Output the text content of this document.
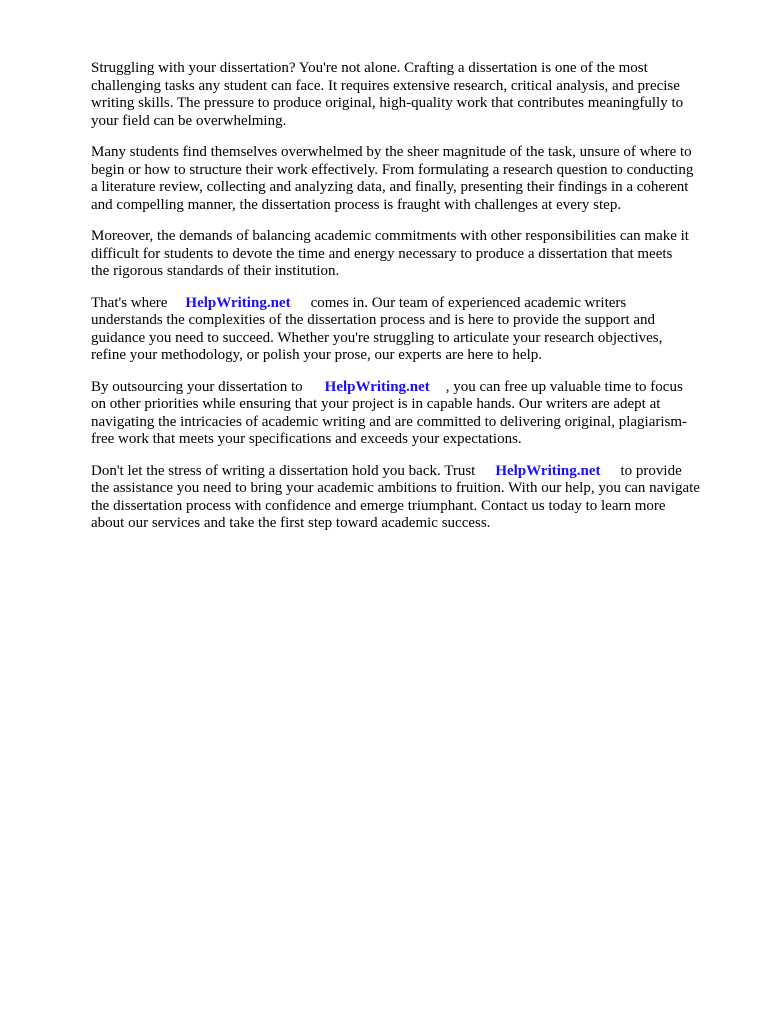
Struggling with your dissertation? You're not alone. Crafting a dissertation is one of the most
challenging tasks any student can face. It requires extensive research, critical analysis, and precise
writing skills. The pressure to produce original, high-quality work that contributes meaningfully to
your field can be overwhelming.

Many students find themselves overwhelmed by the sheer magnitude of the task, unsure of where to
begin or how to structure their work effectively. From formulating a research question to conducting
a literature review, collecting and analyzing data, and finally, presenting their findings in a coherent
and compelling manner, the dissertation process is fraught with challenges at every step.

Moreover, the demands of balancing academic commitments with other responsibilities can make it
difficult for students to devote the time and energy necessary to produce a dissertation that meets
the rigorous standards of their institution.

That's where HelpWriting.net comes in. Our team of experienced academic writers
understands the complexities of the dissertation process and is here to provide the support and
guidance you need to succeed. Whether you're struggling to articulate your research objectives,
refine your methodology, or polish your prose, our experts are here to help.

By outsourcing your dissertation to HelpWriting.net , you can free up valuable time to focus
on other priorities while ensuring that your project is in capable hands. Our writers are adept at
navigating the intricacies of academic writing and are committed to delivering original, plagiarism-
free work that meets your specifications and exceeds your expectations.

Don't let the stress of writing a dissertation hold you back. Trust HelpWriting.net to provide
the assistance you need to bring your academic ambitions to fruition. With our help, you can navigate
the dissertation process with confidence and emerge triumphant. Contact us today to learn more
about our services and take the first step toward academic success.
